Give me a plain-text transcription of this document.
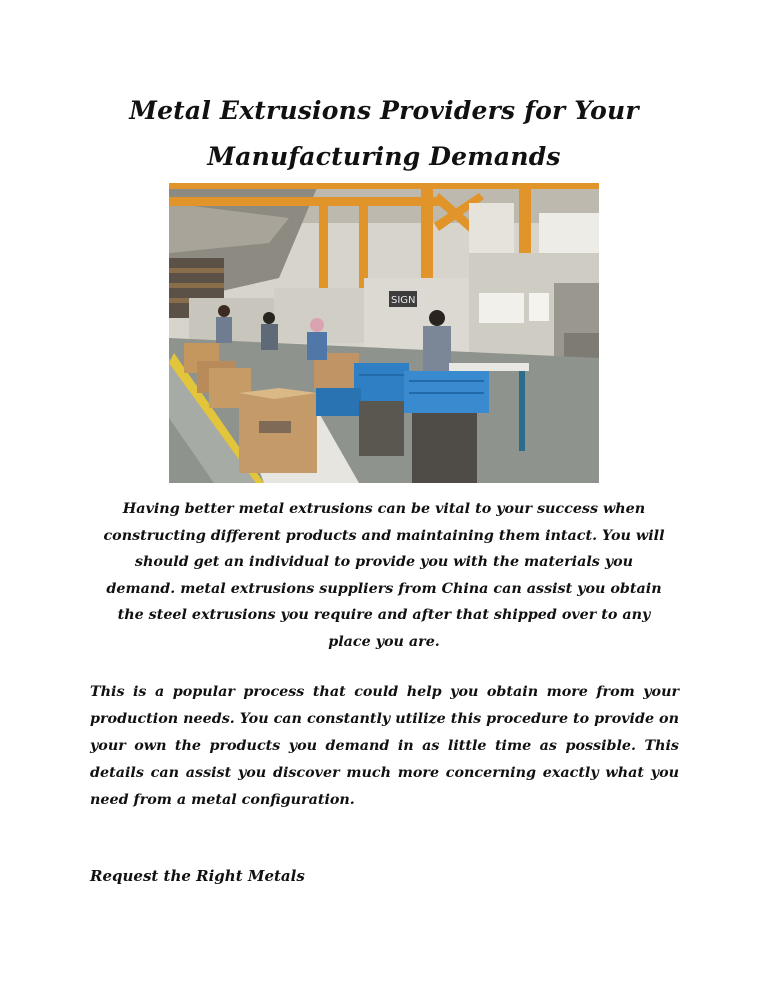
Metal Extrusions Providers for Your Manufacturing Demands
SIGN

Having better metal extrusions can be vital to your success when constructing different products and maintaining them intact. You will should get an individual to provide you with the materials you demand. metal extrusions suppliers from China can assist you obtain the steel extrusions you require and after that shipped over to any place you are.

This is a popular process that could help you obtain more from your production needs. You can constantly utilize this procedure to provide on your own the products you demand in as little time as possible. This details can assist you discover much more concerning exactly what you need from a metal configuration.

Request the Right Metals
